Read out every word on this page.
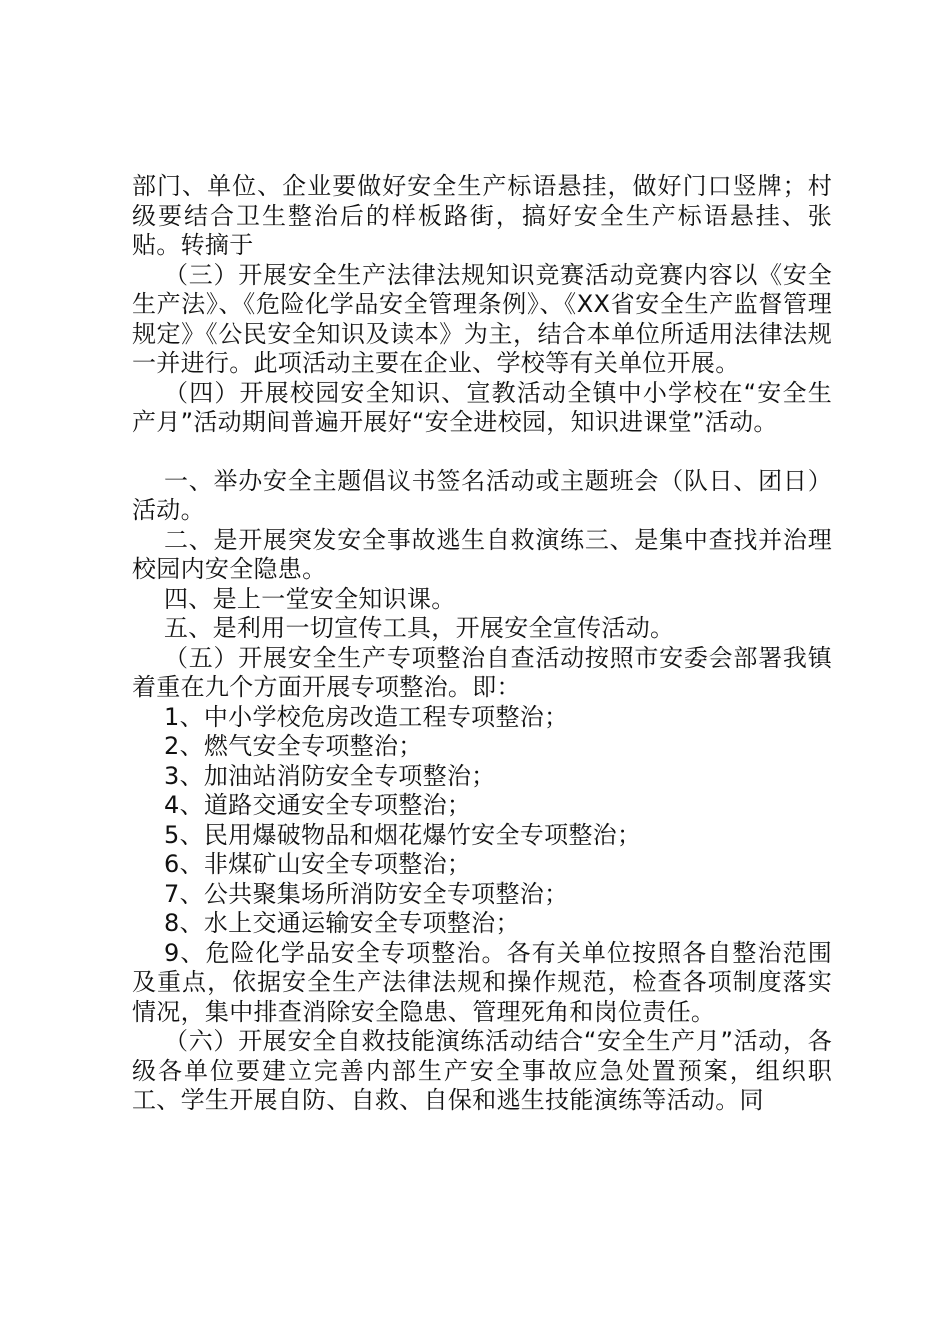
部门、单位、企业要做好安全生产标语悬挂，做好门口竖牌；村级要结合卫生整治后的样板路街，搞好安全生产标语悬挂、张贴。转摘于

（三）开展安全生产法律法规知识竞赛活动竞赛内容以《安全生产法》、《危险化学品安全管理条例》、《XX省安全生产监督管理规定》《公民安全知识及读本》为主，结合本单位所适用法律法规一并进行。此项活动主要在企业、学校等有关单位开展。

（四）开展校园安全知识、宣教活动全镇中小学校在“安全生产月”活动期间普遍开展好“安全进校园，知识进课堂”活动。

一、举办安全主题倡议书签名活动或主题班会（队日、团日）活动。

二、是开展突发安全事故逃生自救演练三、是集中查找并治理校园内安全隐患。

四、是上一堂安全知识课。

五、是利用一切宣传工具，开展安全宣传活动。

（五）开展安全生产专项整治自查活动按照市安委会部署我镇着重在九个方面开展专项整治。即：

1、中小学校危房改造工程专项整治；

2、燃气安全专项整治；

3、加油站消防安全专项整治；

4、道路交通安全专项整治；

5、民用爆破物品和烟花爆竹安全专项整治；

6、非煤矿山安全专项整治；

7、公共聚集场所消防安全专项整治；

8、水上交通运输安全专项整治；

9、危险化学品安全专项整治。各有关单位按照各自整治范围及重点，依据安全生产法律法规和操作规范，检查各项制度落实情况，集中排查消除安全隐患、管理死角和岗位责任。

（六）开展安全自救技能演练活动结合“安全生产月”活动，各级各单位要建立完善内部生产安全事故应急处置预案，组织职工、学生开展自防、自救、自保和逃生技能演练等活动。同
